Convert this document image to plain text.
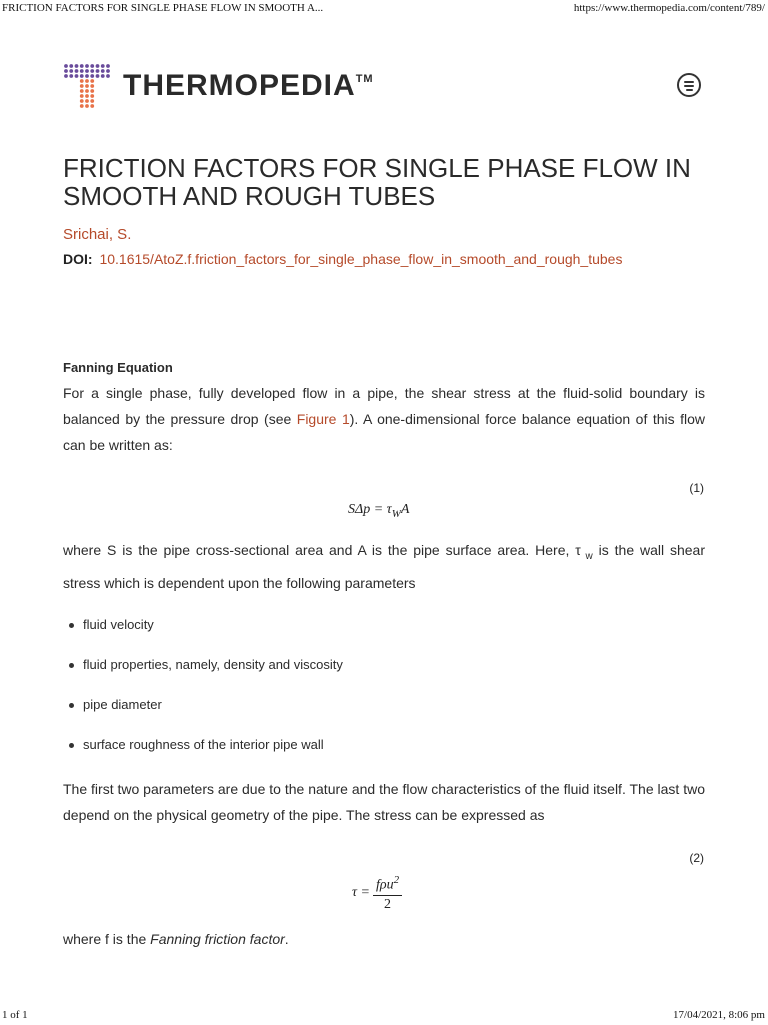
FRICTION FACTORS FOR SINGLE PHASE FLOW IN SMOOTH A...	https://www.thermopedia.com/content/789/
THERMOPEDIA™
FRICTION FACTORS FOR SINGLE PHASE FLOW IN SMOOTH AND ROUGH TUBES
Srichai, S.
DOI: 10.1615/AtoZ.f.friction_factors_for_single_phase_flow_in_smooth_and_rough_tubes
Fanning Equation

For a single phase, fully developed flow in a pipe, the shear stress at the fluid-solid boundary is balanced by the pressure drop (see Figure 1). A one-dimensional force balance equation of this flow can be written as:

(1)
$S\Delta p = \tau_WA$

where S is the pipe cross-sectional area and A is the pipe surface area. Here, τ $_w$ is the wall shear stress which is dependent upon the following parameters

fluid velocity
fluid properties, namely, density and viscosity
pipe diameter
surface roughness of the interior pipe wall

The first two parameters are due to the nature and the flow characteristics of the fluid itself. The last two depend on the physical geometry of the pipe. The stress can be expressed as

(2)
$\tau = \frac{f\rho u^2}{2}$

where f is the Fanning friction factor.

1 of 1	17/04/2021, 8:06 pm
